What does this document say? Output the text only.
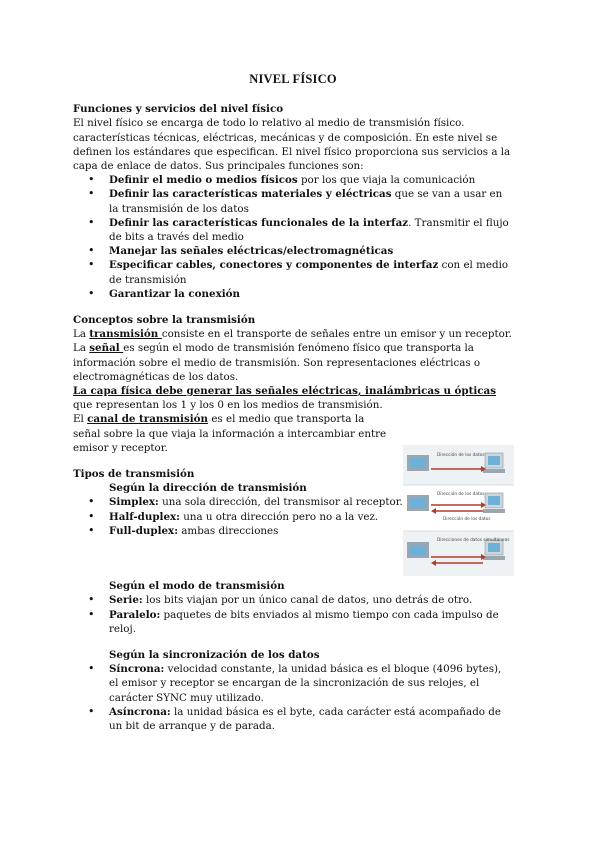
NIVEL FÍSICO

Funciones y servicios del nivel físico

El nivel físico se encarga de todo lo relativo al medio de transmisión físico. características técnicas, eléctricas, mecánicas y de composición. En este nivel se definen los estándares que especifican. El nivel físico proporciona sus servicios a la capa de enlace de datos. Sus principales funciones son:

• Definir el medio o medios físicos por los que viaja la comunicación
• Definir las características materiales y eléctricas que se van a usar en la transmisión de los datos
• Definir las características funcionales de la interfaz. Transmitir el flujo de bits a través del medio
• Manejar las señales eléctricas/electromagnéticas
• Especificar cables, conectores y componentes de interfaz con el medio de transmisión
• Garantizar la conexión

Conceptos sobre la transmisión

La transmisión consiste en el transporte de señales entre un emisor y un receptor.

La señal es según el modo de transmisión fenómeno físico que transporta la información sobre el medio de transmisión. Son representaciones eléctricas o electromagnéticas de los datos.

La capa física debe generar las señales eléctricas, inalámbricas u ópticas que representan los 1 y los 0 en los medios de transmisión.

El canal de transmisión es el medio que transporta la señal sobre la que viaja la información a intercambiar entre emisor y receptor.

Tipos de transmisión

Según la dirección de transmisión

• Simplex: una sola dirección, del transmisor al receptor.
• Half-duplex: una u otra dirección pero no a la vez.
• Full-duplex: ambas direcciones

Según el modo de transmisión

• Serie: los bits viajan por un único canal de datos, uno detrás de otro.
• Paralelo: paquetes de bits enviados al mismo tiempo con cada impulso de reloj.

Según la sincronización de los datos

• Síncrona: velocidad constante, la unidad básica es el bloque (4096 bytes), el emisor y receptor se encargan de la sincronización de sus relojes, el carácter SYNC muy utilizado.
• Asíncrona: la unidad básica es el byte, cada carácter está acompañado de un bit de arranque y de parada.
Dirección de los datos
Dirección de los datos
Dirección de los datos
Direcciones de datos simultáneas
